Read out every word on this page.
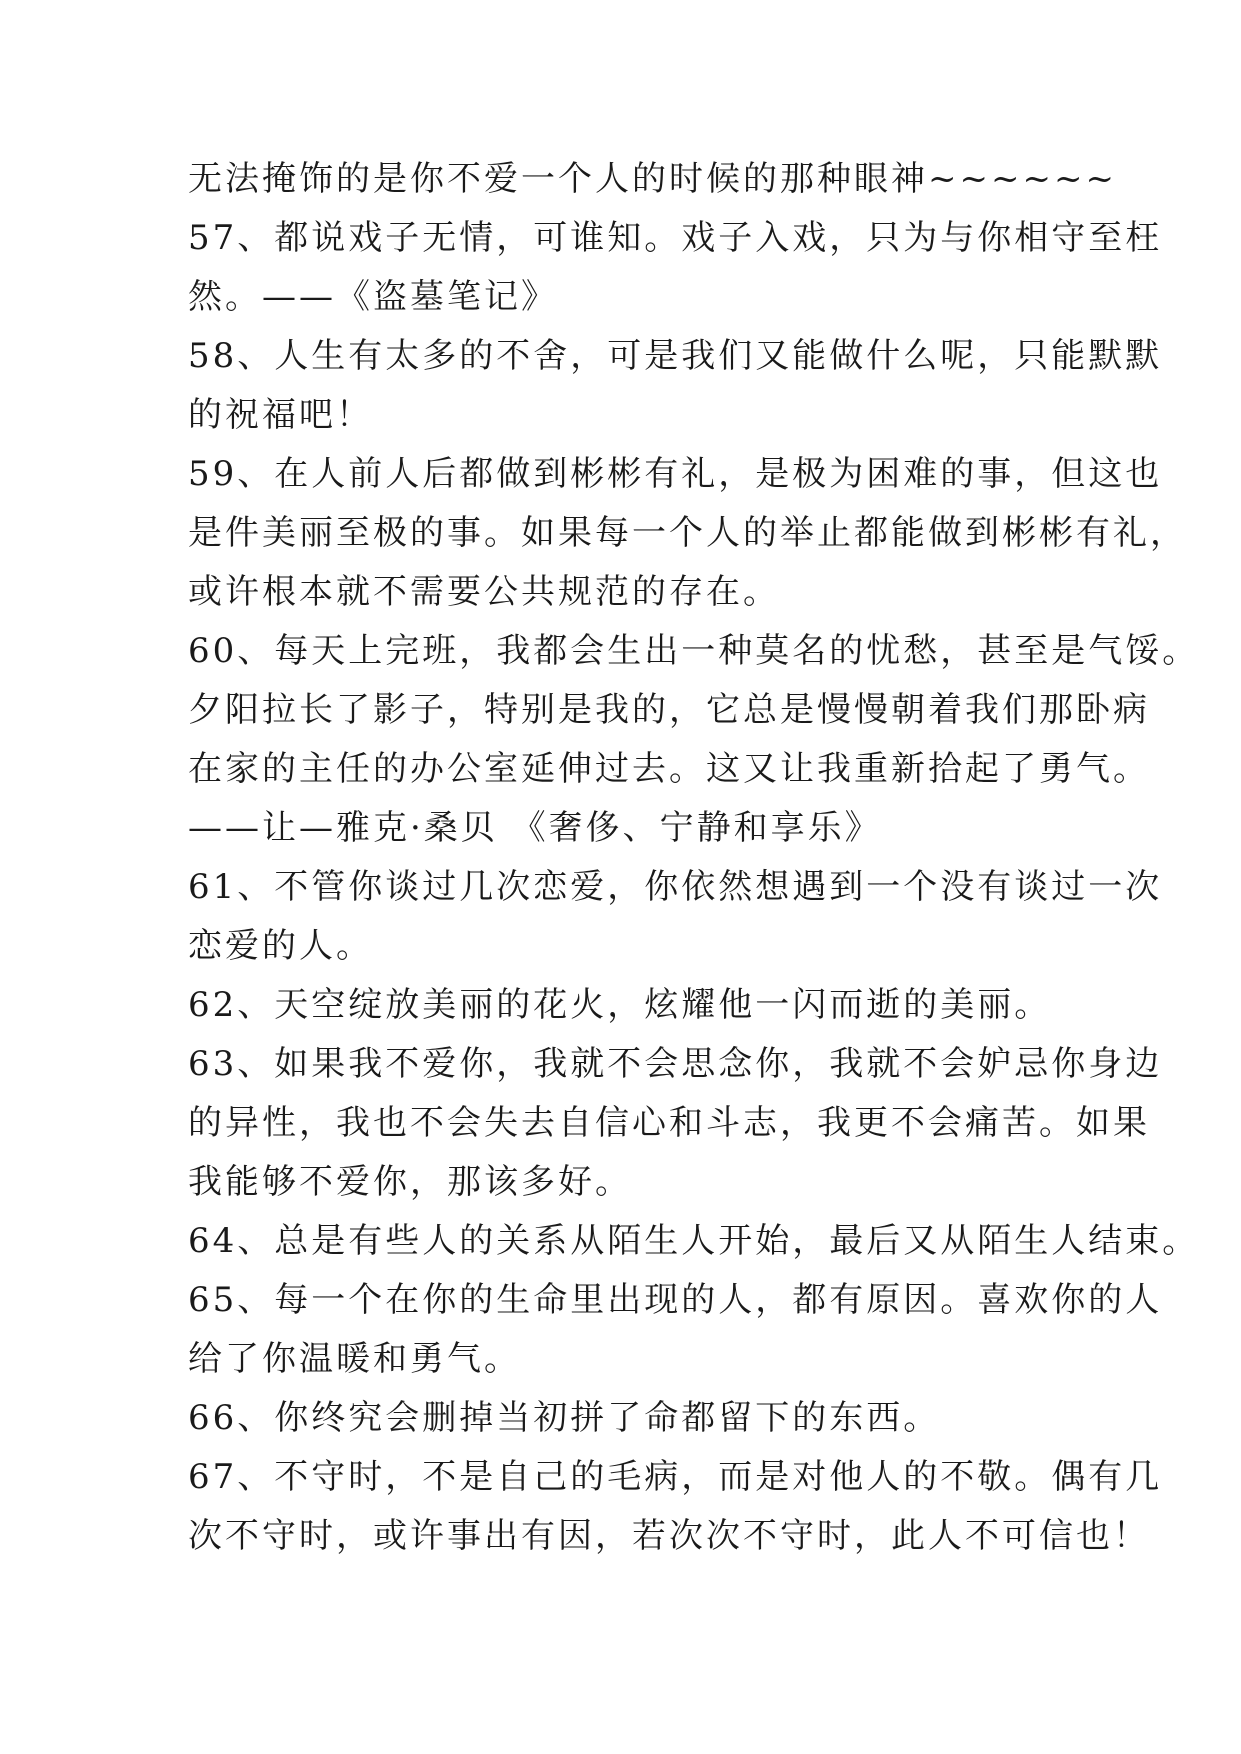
无法掩饰的是你不爱一个人的时候的那种眼神~~~~~~
57、都说戏子无情，可谁知。戏子入戏，只为与你相守至枉
然。——《盗墓笔记》
58、人生有太多的不舍，可是我们又能做什么呢，只能默默
的祝福吧！
59、在人前人后都做到彬彬有礼，是极为困难的事，但这也
是件美丽至极的事。如果每一个人的举止都能做到彬彬有礼，
或许根本就不需要公共规范的存在。
60、每天上完班，我都会生出一种莫名的忧愁，甚至是气馁。
夕阳拉长了影子，特别是我的，它总是慢慢朝着我们那卧病
在家的主任的办公室延伸过去。这又让我重新拾起了勇气。
——让—雅克·桑贝 《奢侈、宁静和享乐》
61、不管你谈过几次恋爱，你依然想遇到一个没有谈过一次
恋爱的人。
62、天空绽放美丽的花火，炫耀他一闪而逝的美丽。
63、如果我不爱你，我就不会思念你，我就不会妒忌你身边
的异性，我也不会失去自信心和斗志，我更不会痛苦。如果
我能够不爱你，那该多好。
64、总是有些人的关系从陌生人开始，最后又从陌生人结束。
65、每一个在你的生命里出现的人，都有原因。喜欢你的人
给了你温暖和勇气。
66、你终究会删掉当初拼了命都留下的东西。
67、不守时，不是自己的毛病，而是对他人的不敬。偶有几
次不守时，或许事出有因，若次次不守时，此人不可信也！
